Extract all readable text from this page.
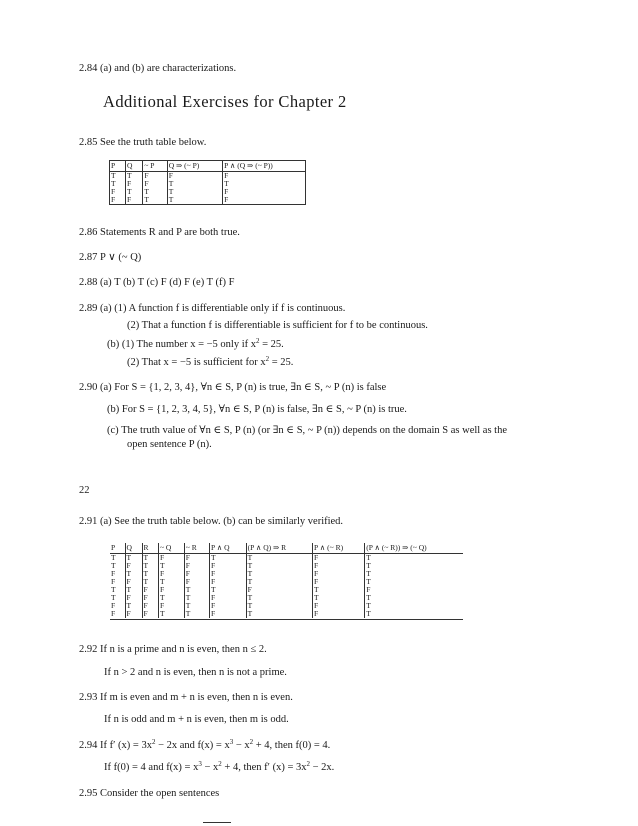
2.84 (a) and (b) are characterizations.
Additional Exercises for Chapter 2
2.85 See the truth table below.
P	Q	~ P	Q ⇒ (~ P)	P ∧ (Q ⇒ (~ P))
T	T	F	F	F
T	F	F	T	T
F	T	T	T	F
F	F	T	T	F
2.86 Statements R and P are both true.
2.87 P ∨ (~ Q)
2.88 (a) T (b) T (c) F (d) F (e) T (f) F
2.89 (a) (1) A function f is differentiable only if f is continuous.
(2) That a function f is differentiable is sufficient for f to be continuous.
(b) (1) The number x = −5 only if $x^2 = 25$.
(2) That x = −5 is sufficient for $x^2 = 25$.
2.90 (a) For S = {1, 2, 3, 4}, ∀n ∈ S, P (n) is true, ∃n ∈ S, ~ P (n) is false
(b) For S = {1, 2, 3, 4, 5}, ∀n ∈ S, P (n) is false, ∃n ∈ S, ~ P (n) is true.
(c) The truth value of ∀n ∈ S, P (n) (or ∃n ∈ S, ~ P (n)) depends on the domain S as well as the
open sentence P (n).
22
2.91 (a) See the truth table below. (b) can be similarly verified.
P	Q	R	~ Q	~ R	P ∧ Q	(P ∧ Q) ⇒ R	P ∧ (~ R)	(P ∧ (~ R)) ⇒ (~ Q)
T	T	T	F	F	T	T	F	T
T	F	T	T	F	F	T	F	T
F	T	T	F	F	F	T	F	T
F	F	T	T	F	F	T	F	T
T	T	F	F	T	T	F	T	F
T	F	F	T	T	F	T	T	T
F	T	F	F	T	F	T	F	T
F	F	F	T	T	F	T	F	T
2.92 If n is a prime and n is even, then n ≤ 2.
If n > 2 and n is even, then n is not a prime.
2.93 If m is even and m + n is even, then n is even.
If n is odd and m + n is even, then m is odd.
2.94 If f′ $(x) = 3x^2 - 2x$ and $f(x) = x^3 - x^2 + 4$, then f(0) = 4.
If f(0) = 4 and $f(x) = x^3 - x^2 + 4$, then f′ $(x) = 3x^2 - 2x$.
2.95 Consider the open sentences
